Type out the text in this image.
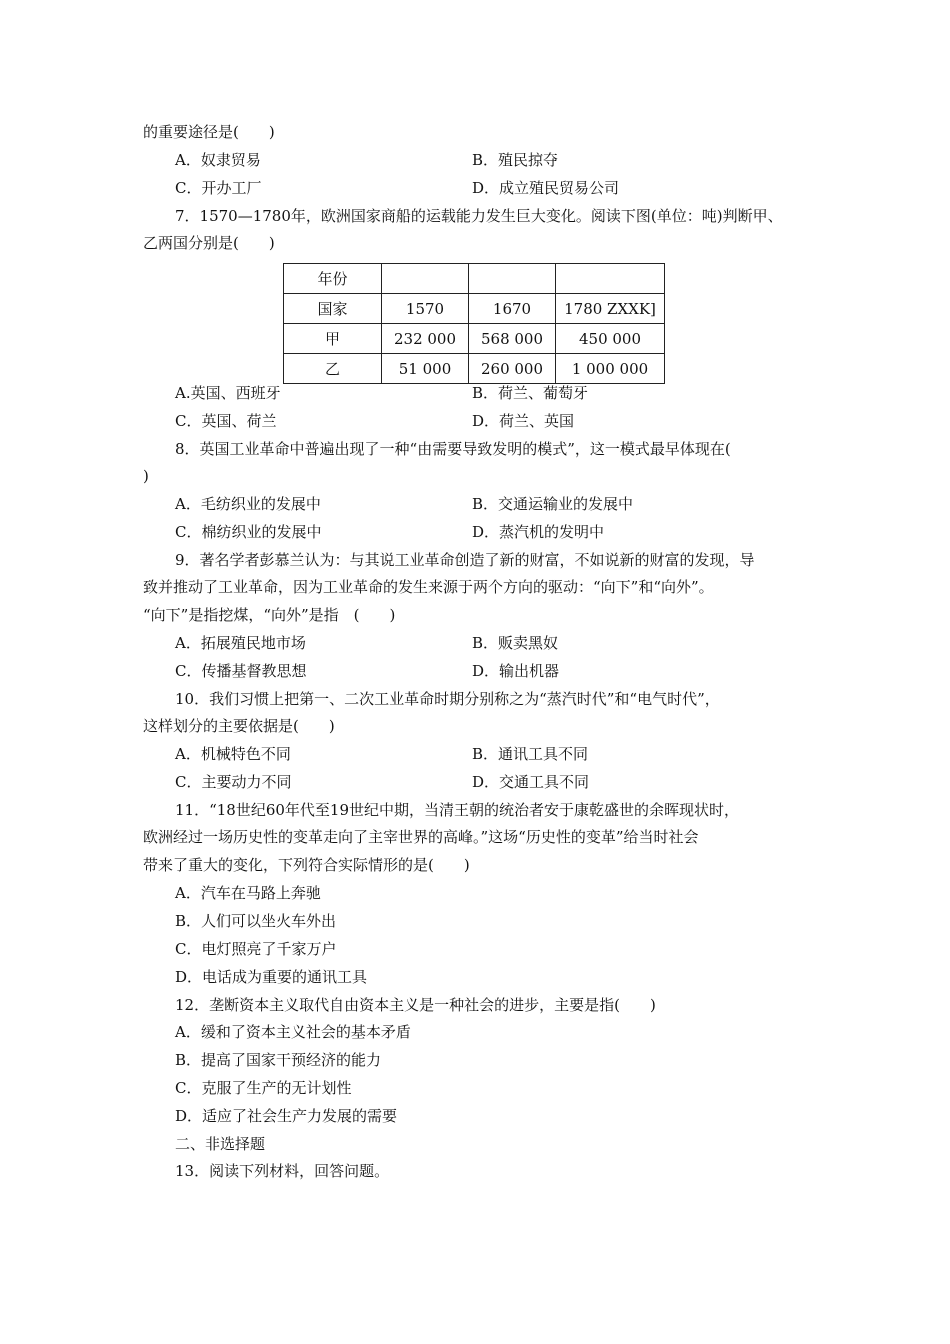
的重要途径是(　　)
A．奴隶贸易	B．殖民掠夺
C．开办工厂	D．成立殖民贸易公司
7．1570—1780年，欧洲国家商船的运载能力发生巨大变化。阅读下图(单位：吨)判断甲、
乙两国分别是(　　)
年份			
国家	1570	1670	1780 ZXXK]
甲	232 000	568 000	450 000
乙	51 000	260 000	1 000 000
A.英国、西班牙	B．荷兰、葡萄牙
C．英国、荷兰	D．荷兰、英国
8．英国工业革命中普遍出现了一种“由需要导致发明的模式”，这一模式最早体现在(
)
A．毛纺织业的发展中	B．交通运输业的发展中
C．棉纺织业的发展中	D．蒸汽机的发明中
9．著名学者彭慕兰认为：与其说工业革命创造了新的财富，不如说新的财富的发现，导
致并推动了工业革命，因为工业革命的发生来源于两个方向的驱动：“向下”和“向外”。
“向下”是指挖煤，“向外”是指　(　　)
A．拓展殖民地市场	B．贩卖黑奴
C．传播基督教思想	D．输出机器
10．我们习惯上把第一、二次工业革命时期分别称之为“蒸汽时代”和“电气时代”，
这样划分的主要依据是(　　)
A．机械特色不同	B．通讯工具不同
C．主要动力不同	D．交通工具不同
11．“18世纪60年代至19世纪中期，当清王朝的统治者安于康乾盛世的余晖现状时，
欧洲经过一场历史性的变革走向了主宰世界的高峰。”这场“历史性的变革”给当时社会
带来了重大的变化，下列符合实际情形的是(　　)
A．汽车在马路上奔驰
B．人们可以坐火车外出
C．电灯照亮了千家万户
D．电话成为重要的通讯工具
12．垄断资本主义取代自由资本主义是一种社会的进步，主要是指(　　)
A．缓和了资本主义社会的基本矛盾
B．提高了国家干预经济的能力
C．克服了生产的无计划性
D．适应了社会生产力发展的需要
二、非选择题
13．阅读下列材料，回答问题。
